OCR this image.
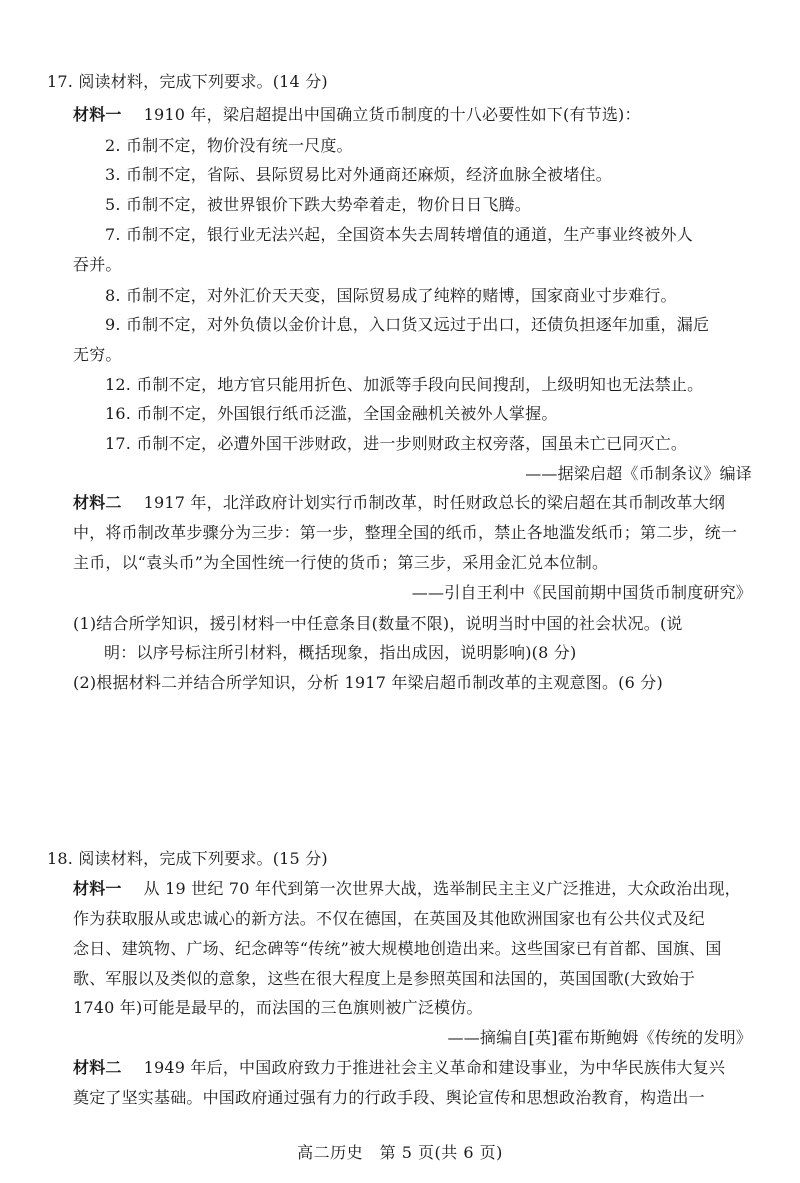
17. 阅读材料，完成下列要求。(14 分)
材料一 1910 年，梁启超提出中国确立货币制度的十八必要性如下(有节选)：
2. 币制不定，物价没有统一尺度。
3. 币制不定，省际、县际贸易比对外通商还麻烦，经济血脉全被堵住。
5. 币制不定，被世界银价下跌大势牵着走，物价日日飞腾。
7. 币制不定，银行业无法兴起，全国资本失去周转增值的通道，生产事业终被外人
吞并。
8. 币制不定，对外汇价天天变，国际贸易成了纯粹的赌博，国家商业寸步难行。
9. 币制不定，对外负债以金价计息，入口货又远过于出口，还债负担逐年加重，漏卮
无穷。
12. 币制不定，地方官只能用折色、加派等手段向民间搜刮，上级明知也无法禁止。
16. 币制不定，外国银行纸币泛滥，全国金融机关被外人掌握。
17. 币制不定，必遭外国干涉财政，进一步则财政主权旁落，国虽未亡已同灭亡。
——据梁启超《币制条议》编译
材料二 1917 年，北洋政府计划实行币制改革，时任财政总长的梁启超在其币制改革大纲
中，将币制改革步骤分为三步：第一步，整理全国的纸币，禁止各地滥发纸币；第二步，统一
主币，以“袁头币”为全国性统一行使的货币；第三步，采用金汇兑本位制。
——引自王利中《民国前期中国货币制度研究》
(1)结合所学知识，援引材料一中任意条目(数量不限)，说明当时中国的社会状况。(说
明：以序号标注所引材料，概括现象，指出成因，说明影响)(8 分)
(2)根据材料二并结合所学知识，分析 1917 年梁启超币制改革的主观意图。(6 分)
18. 阅读材料，完成下列要求。(15 分)
材料一 从 19 世纪 70 年代到第一次世界大战，选举制民主主义广泛推进，大众政治出现，
作为获取服从或忠诚心的新方法。不仅在德国，在英国及其他欧洲国家也有公共仪式及纪
念日、建筑物、广场、纪念碑等“传统”被大规模地创造出来。这些国家已有首都、国旗、国
歌、军服以及类似的意象，这些在很大程度上是参照英国和法国的，英国国歌(大致始于
1740 年)可能是最早的，而法国的三色旗则被广泛模仿。
——摘编自[英]霍布斯鲍姆《传统的发明》
材料二 1949 年后，中国政府致力于推进社会主义革命和建设事业，为中华民族伟大复兴
奠定了坚实基础。中国政府通过强有力的行政手段、舆论宣传和思想政治教育，构造出一
高二历史　第 5 页(共 6 页)
